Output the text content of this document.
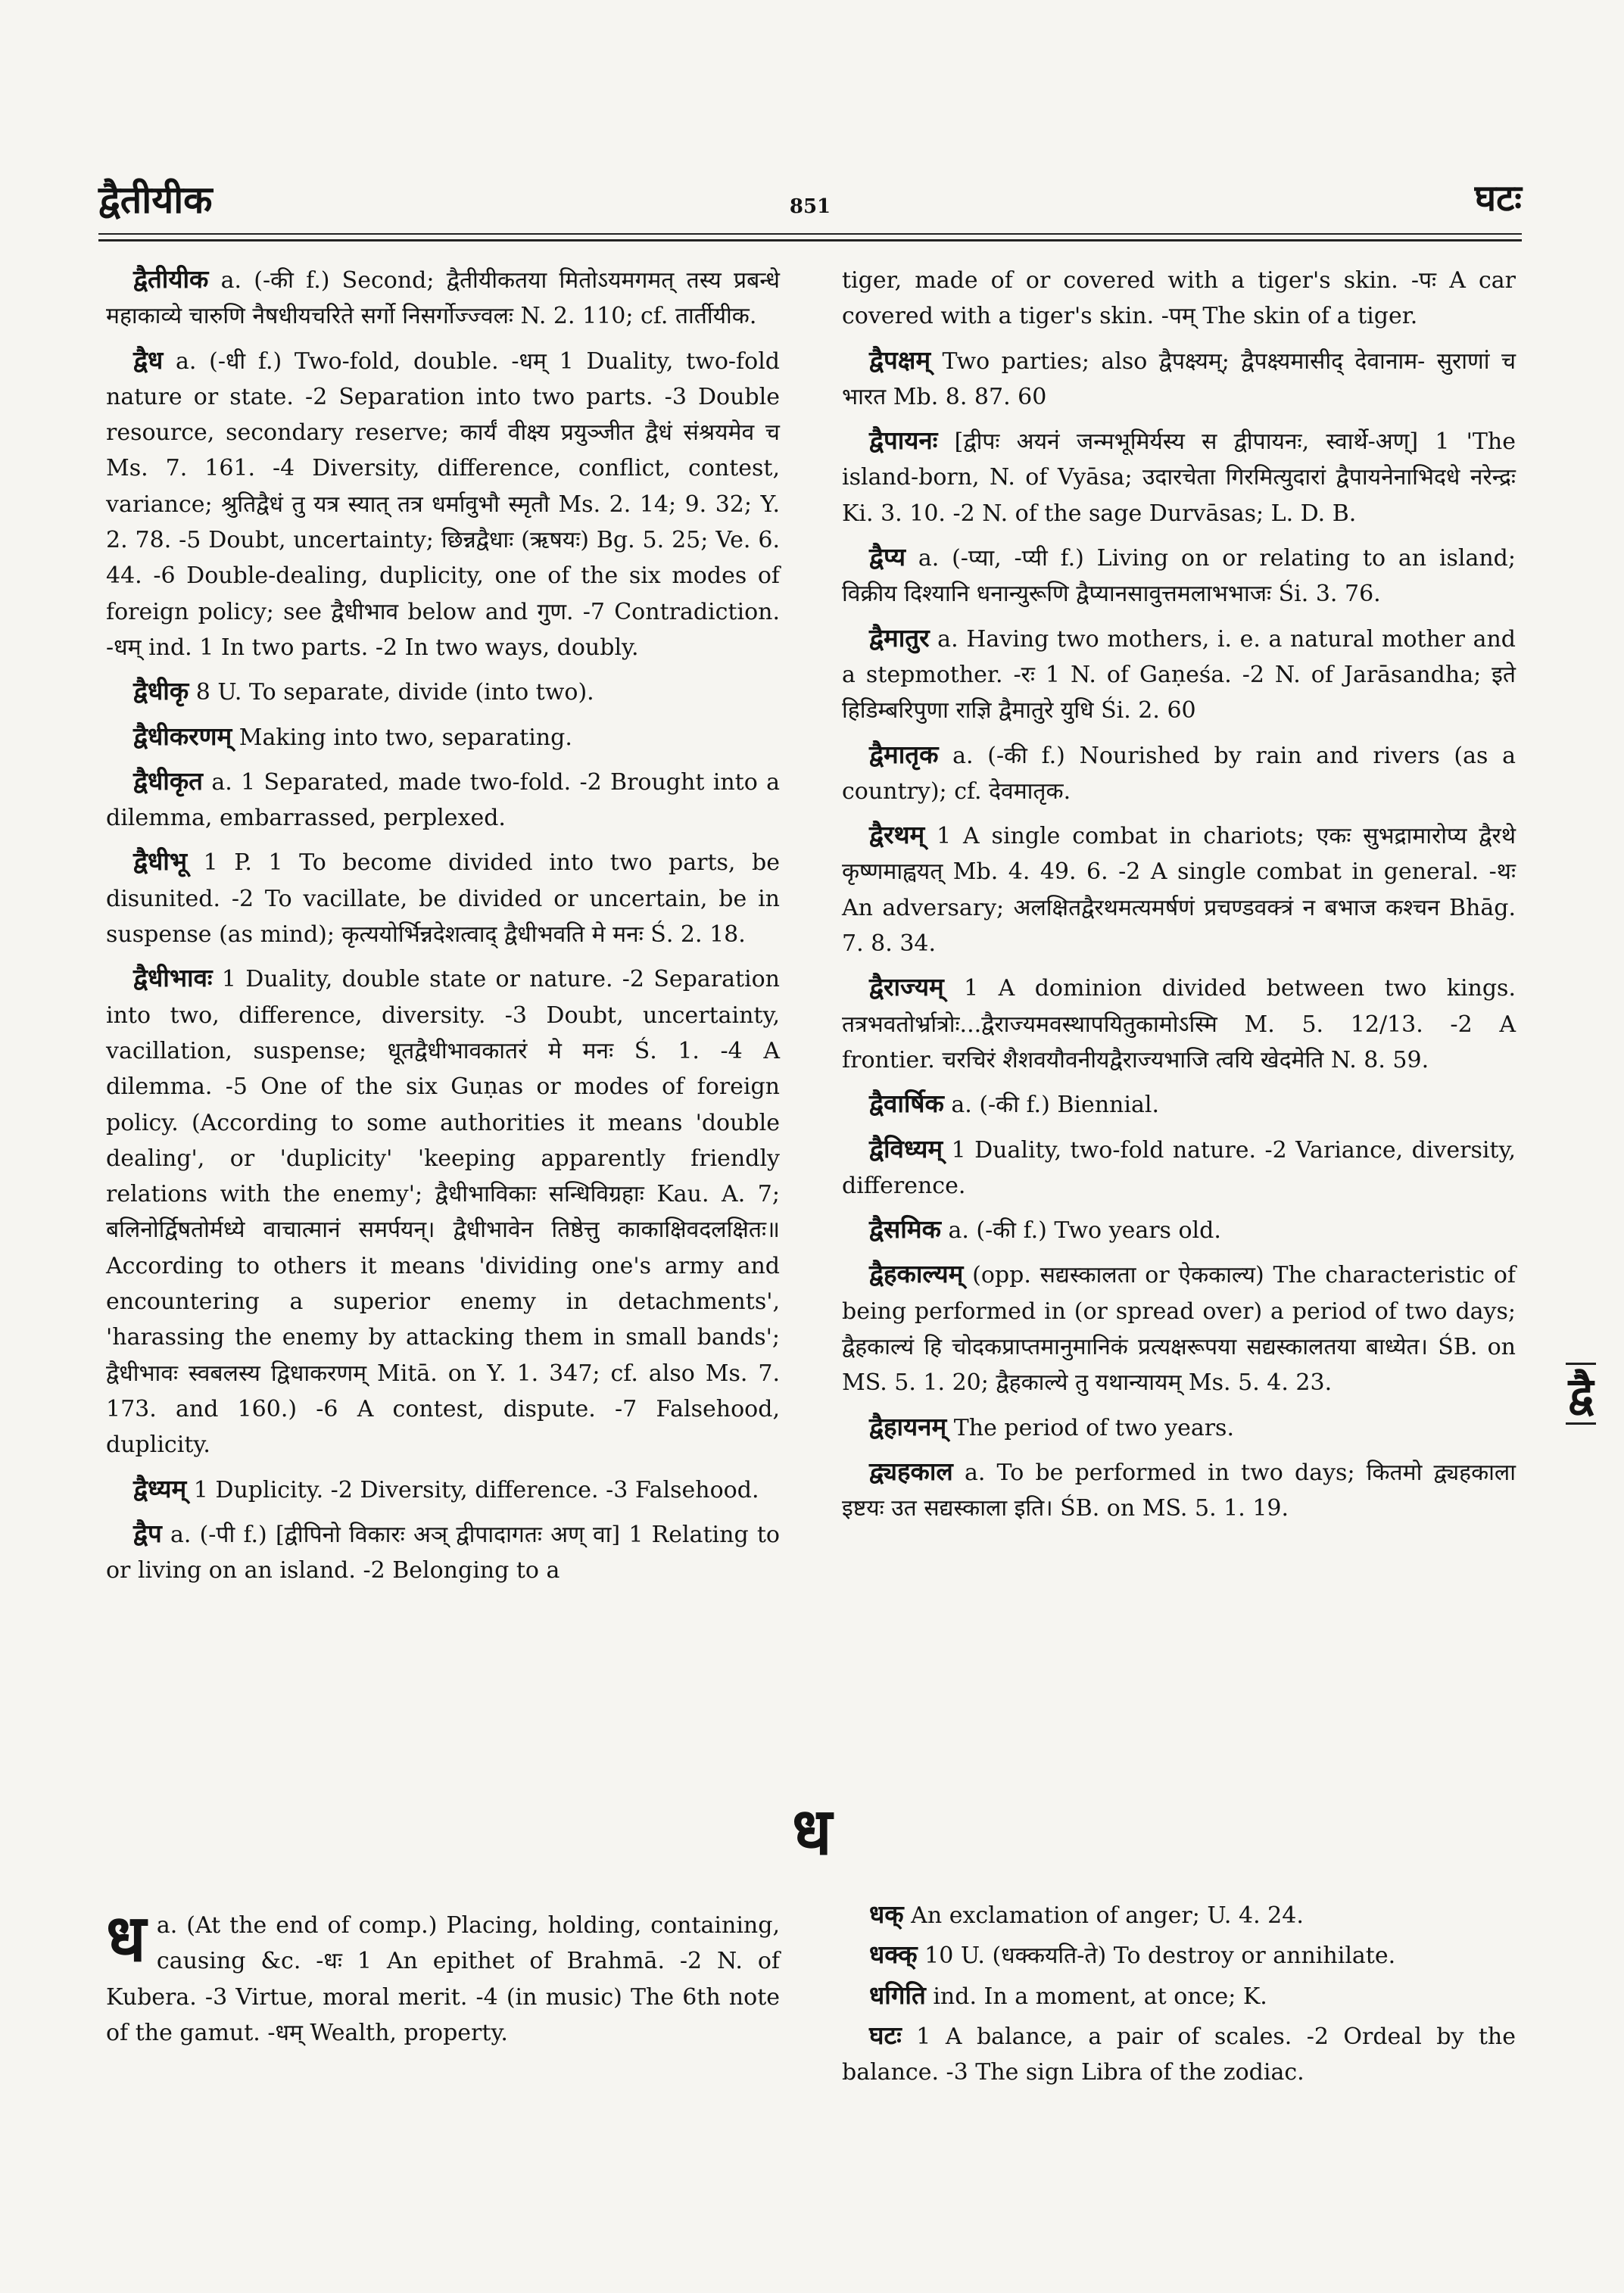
द्वैतीयीक	851	घटः

द्वैतीयीक a. (-की f.) Second; द्वैतीयीकतया मितोऽयमगमत् तस्य प्रबन्धे महाकाव्ये चारुणि नैषधीयचरिते सर्गो निसर्गोज्ज्वलः N. 2. 110; cf. तार्तीयीक.

द्वैध a. (-धी f.) Two-fold, double. -धम् 1 Duality, two-fold nature or state. -2 Separation into two parts. -3 Double resource, secondary reserve; कार्यं वीक्ष्य प्रयुञ्जीत द्वैधं संश्रयमेव च Ms. 7. 161. -4 Diversity, difference, conflict, contest, variance; श्रुतिद्वैधं तु यत्र स्यात् तत्र धर्मावुभौ स्मृतौ Ms. 2. 14; 9. 32; Y. 2. 78. -5 Doubt, uncertainty; छिन्नद्वैधाः (ऋषयः) Bg. 5. 25; Ve. 6. 44. -6 Double-dealing, duplicity, one of the six modes of foreign policy; see द्वैधीभाव below and गुण. -7 Contradiction. -धम् ind. 1 In two parts. -2 In two ways, doubly.

द्वैधीकृ 8 U. To separate, divide (into two).

द्वैधीकरणम् Making into two, separating.

द्वैधीकृत a. 1 Separated, made two-fold. -2 Brought into a dilemma, embarrassed, perplexed.

द्वैधीभू 1 P. 1 To become divided into two parts, be disunited. -2 To vacillate, be divided or uncertain, be in suspense (as mind); कृत्ययोर्भिन्नदेशत्वाद् द्वैधीभवति मे मनः Ś. 2. 18.

द्वैधीभावः 1 Duality, double state or nature. -2 Separation into two, difference, diversity. -3 Doubt, uncertainty, vacillation, suspense; धूतद्वैधीभावकातरं मे मनः Ś. 1. -4 A dilemma. -5 One of the six Guṇas or modes of foreign policy. (According to some authorities it means 'double dealing', or 'duplicity' 'keeping apparently friendly relations with the enemy'; द्वैधीभाविकाः सन्धिविग्रहाः Kau. A. 7; बलिनोर्द्विषतोर्मध्ये वाचात्मानं समर्पयन्। द्वैधीभावेन तिष्ठेत्तु काकाक्षिवदलक्षितः॥ According to others it means 'dividing one's army and encountering a superior enemy in detachments', 'harassing the enemy by attacking them in small bands'; द्वैधीभावः स्वबलस्य द्विधाकरणम् Mitā. on Y. 1. 347; cf. also Ms. 7. 173. and 160.) -6 A contest, dispute. -7 Falsehood, duplicity.

द्वैध्यम् 1 Duplicity. -2 Diversity, difference. -3 Falsehood.

द्वैप a. (-पी f.) [द्वीपिनो विकारः अञ् द्वीपादागतः अण् वा] 1 Relating to or living on an island. -2 Belonging to a

tiger, made of or covered with a tiger's skin. -पः A car covered with a tiger's skin. -पम् The skin of a tiger.

द्वैपक्षम् Two parties; also द्वैपक्ष्यम्; द्वैपक्ष्यमासीद् देवानाम- सुराणां च भारत Mb. 8. 87. 60

द्वैपायनः [द्वीपः अयनं जन्मभूमिर्यस्य स द्वीपायनः, स्वार्थे-अण्] 1 'The island-born, N. of Vyāsa; उदारचेता गिरमित्युदारां द्वैपायनेनाभिदधे नरेन्द्रः Ki. 3. 10. -2 N. of the sage Durvāsas; L. D. B.

द्वैप्य a. (-प्या, -प्यी f.) Living on or relating to an island; विक्रीय दिश्यानि धनान्युरूणि द्वैप्यानसावुत्तमलाभभाजः Śi. 3. 76.

द्वैमातुर a. Having two mothers, i. e. a natural mother and a stepmother. -रः 1 N. of Gaṇeśa. -2 N. of Jarāsandha; इते हिडिम्बरिपुणा राज्ञि द्वैमातुरे युधि Śi. 2. 60

द्वैमातृक a. (-की f.) Nourished by rain and rivers (as a country); cf. देवमातृक.

द्वैरथम् 1 A single combat in chariots; एकः सुभद्रामारोप्य द्वैरथे कृष्णमाह्वयत् Mb. 4. 49. 6. -2 A single combat in general. -थः An adversary; अलक्षितद्वैरथमत्यमर्षणं प्रचण्डवक्त्रं न बभाज कश्चन Bhāg. 7. 8. 34.

द्वैराज्यम् 1 A dominion divided between two kings. तत्रभवतोर्भ्रात्रोः...द्वैराज्यमवस्थापयितुकामोऽस्मि M. 5. 12/13. -2 A frontier. चरचिरं शैशवयौवनीयद्वैराज्यभाजि त्वयि खेदमेति N. 8. 59.

द्वैवार्षिक a. (-की f.) Biennial.

द्वैविध्यम् 1 Duality, two-fold nature. -2 Variance, diversity, difference.

द्वैसमिक a. (-की f.) Two years old.

द्वैहकाल्यम् (opp. सद्यस्कालता or ऐककाल्य) The characteristic of being performed in (or spread over) a period of two days; द्वैहकाल्यं हि चोदकप्राप्तमानुमानिकं प्रत्यक्षरूपया सद्यस्कालतया बाध्येत। ŚB. on MS. 5. 1. 20; द्वैहकाल्ये तु यथान्यायम् Ms. 5. 4. 23.

द्वैहायनम् The period of two years.

द्व्यहकाल a. To be performed in two days; कितमो द्व्यहकाला इष्टयः उत सद्यस्काला इति। ŚB. on MS. 5. 1. 19.

द्वै
ध
ध a. (At the end of comp.) Placing, holding, containing, causing &c. -धः 1 An epithet of Brahmā. -2 N. of Kubera. -3 Virtue, moral merit. -4 (in music) The 6th note of the gamut. -धम् Wealth, property.

धक् An exclamation of anger; U. 4. 24.

धक्क् 10 U. (धक्कयति-ते) To destroy or annihilate.

धगिति ind. In a moment, at once; K.

घटः 1 A balance, a pair of scales. -2 Ordeal by the balance. -3 The sign Libra of the zodiac.
